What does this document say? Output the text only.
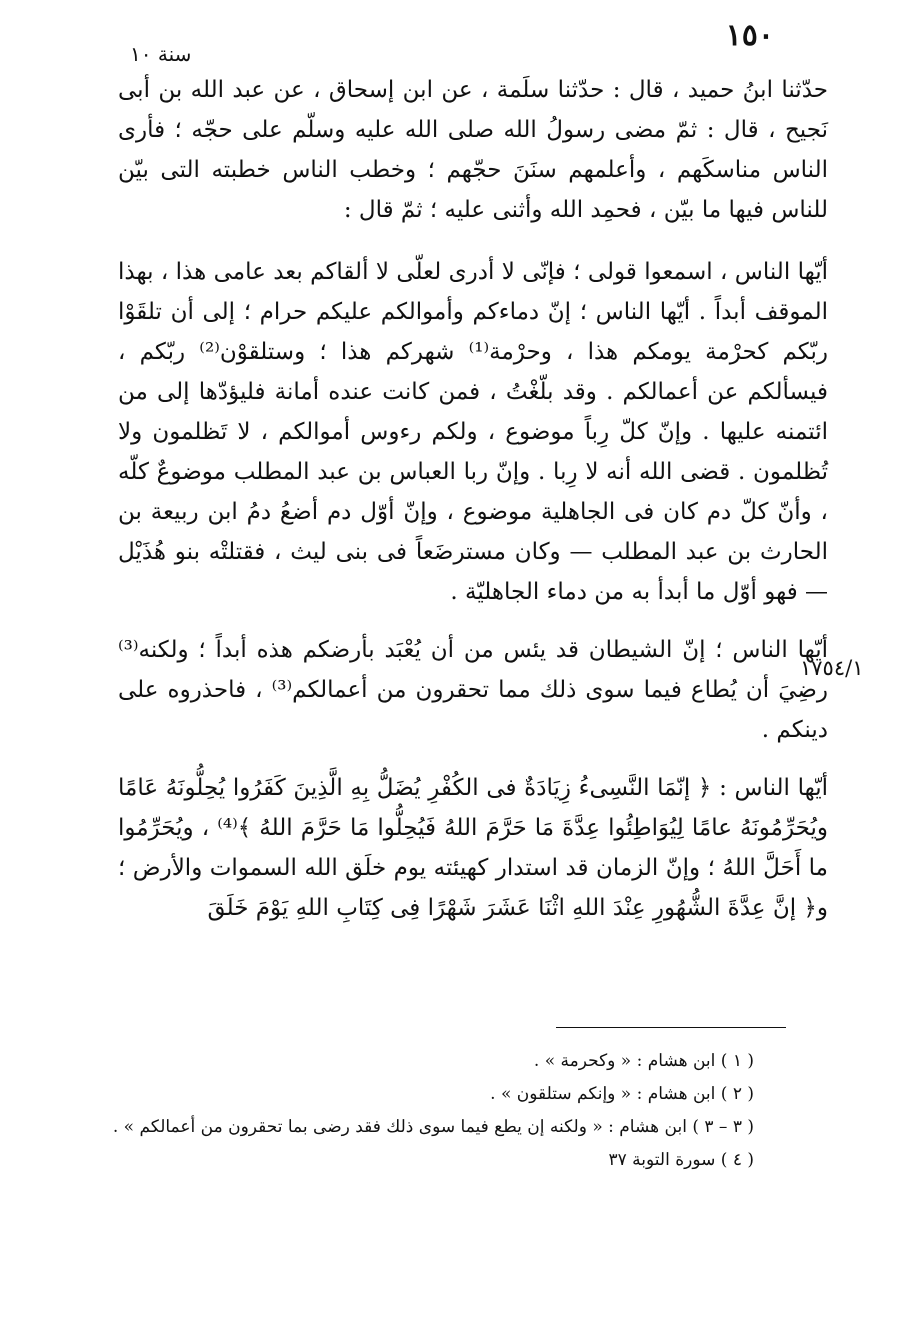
١٥٠
سنة ١٠

حدّثنا ابنُ حميد ، قال : حدّثنا سلَمة ، عن ابن إسحاق ، عن عبد الله بن أبى نَجيح ، قال : ثمّ مضى رسولُ الله صلى الله عليه وسلّم على حجّه ؛ فأرى الناس مناسكَهم ، وأعلمهم سنَنَ حجّهم ؛ وخطب الناس خطبته التى بيّن للناس فيها ما بيّن ، فحمِد الله وأثنى عليه ؛ ثمّ قال :

أيّها الناس ، اسمعوا قولى ؛ فإنّى لا أدرى لعلّى لا ألقاكم بعد عامى هذا ، بهذا الموقف أبداً . أيّها الناس ؛ إنّ دماءكم وأموالكم عليكم حرام ؛ إلى أن تلقَوْا ربّكم كحرْمة يومكم هذا ، وحرْمة⁽¹⁾ شهركم هذا ؛ وستلقوْن⁽²⁾ ربّكم ، فيسألكم عن أعمالكم . وقد بلّغْتُ ، فمن كانت عنده أمانة فليؤدّها إلى من ائتمنه عليها . وإنّ كلّ رِباً موضوع ، ولكم رءوس أموالكم ، لا تَظلمون ولا تُظلمون . قضى الله أنه لا رِبا . وإنّ ربا العباس بن عبد المطلب موضوعٌ كلّه ، وأنّ كلّ دم كان فى الجاهلية موضوع ، وإنّ أوّل دم أضعُ دمُ ابن ربيعة بن الحارث بن عبد المطلب — وكان مسترضَعاً فى بنى ليث ، فقتلتْه بنو هُذَيْل — فهو أوّل ما أبدأ به من دماء الجاهليّة .

أيّها الناس ؛ إنّ الشيطان قد يئس من أن يُعْبَد بأرضكم هذه أبداً ؛ ولكنه⁽³⁾ رضِيَ أن يُطاع فيما سوى ذلك مما تحقرون من أعمالكم⁽³⁾ ، فاحذروه على دينكم .

أيّها الناس : ﴿ إنّمَا النَّسِىءُ زِيَادَةٌ فى الكُفْرِ يُضَلُّ بِهِ الَّذِينَ كَفَرُوا يُحِلُّونَهُ عَامًا ويُحَرِّمُونَهُ عامًا لِيُوَاطِئُوا عِدَّةَ مَا حَرَّمَ اللهُ فَيُحِلُّوا مَا حَرَّمَ اللهُ ﴾⁽⁴⁾ ، ويُحَرِّمُوا ما أَحَلَّ اللهُ ؛ وإنّ الزمان قد استدار كهيئته يوم خلَق الله السموات والأرض ؛ و﴿ إنَّ عِدَّةَ الشُّهُورِ عِنْدَ اللهِ اثْنَا عَشَرَ شَهْرًا فِى كِتَابِ اللهِ يَوْمَ خَلَقَ

١٧٥٤/١

( ١ ) ابن هشام : « وكحرمة » .

( ٢ ) ابن هشام : « وإنكم ستلقون » .

( ٣ – ٣ ) ابن هشام : « ولكنه إن يطع فيما سوى ذلك فقد رضى بما تحقرون من أعمالكم » .

( ٤ ) سورة التوبة ٣٧
